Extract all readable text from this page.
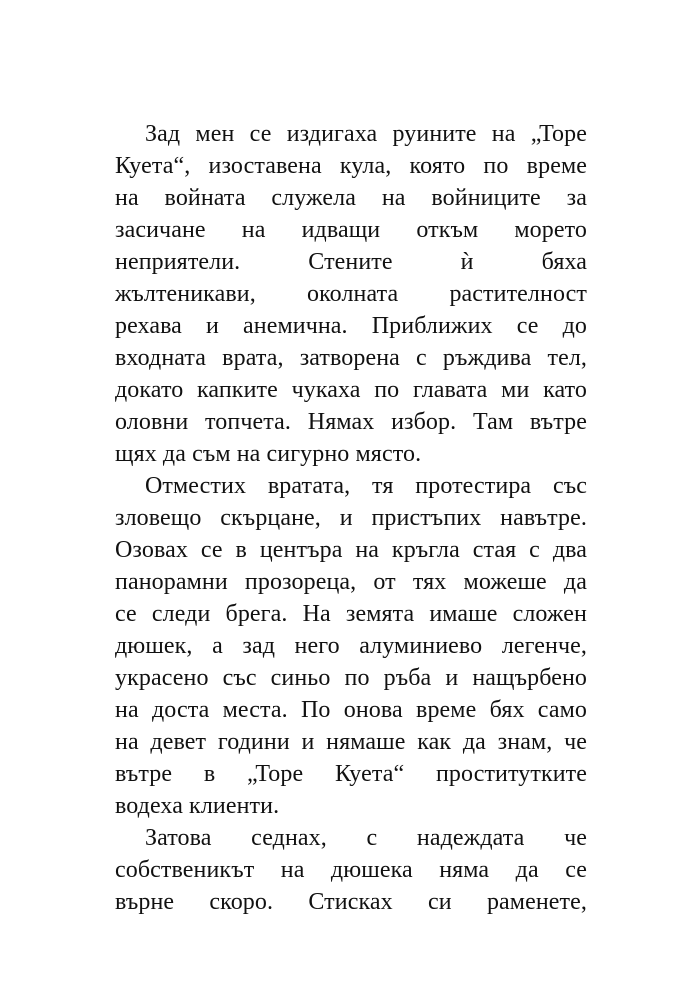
Зад мен се издигаха руините на „Торе
Куета“, изоставена кула, която по време
на войната служела на войниците за
засичане на идващи откъм морето
неприятели. Стените ѝ бяха
жълтеникави, околната растителност
рехава и анемична. Приближих се до
входната врата, затворена с ръждива тел,
докато капките чукаха по главата ми като
оловни топчета. Нямах избор. Там вътре
щях да съм на сигурно място.
Отместих вратата, тя протестира със
зловещо скърцане, и пристъпих навътре.
Озовах се в центъра на кръгла стая с два
панорамни прозореца, от тях можеше да
се следи брега. На земята имаше сложен
дюшек, а зад него алуминиево легенче,
украсено със синьо по ръба и нащърбено
на доста места. По онова време бях само
на девет години и нямаше как да знам, че
вътре в „Торе Куета“ проститутките
водеха клиенти.
Затова седнах, с надеждата че
собственикът на дюшека няма да се
върне скоро. Стисках си раменете,
